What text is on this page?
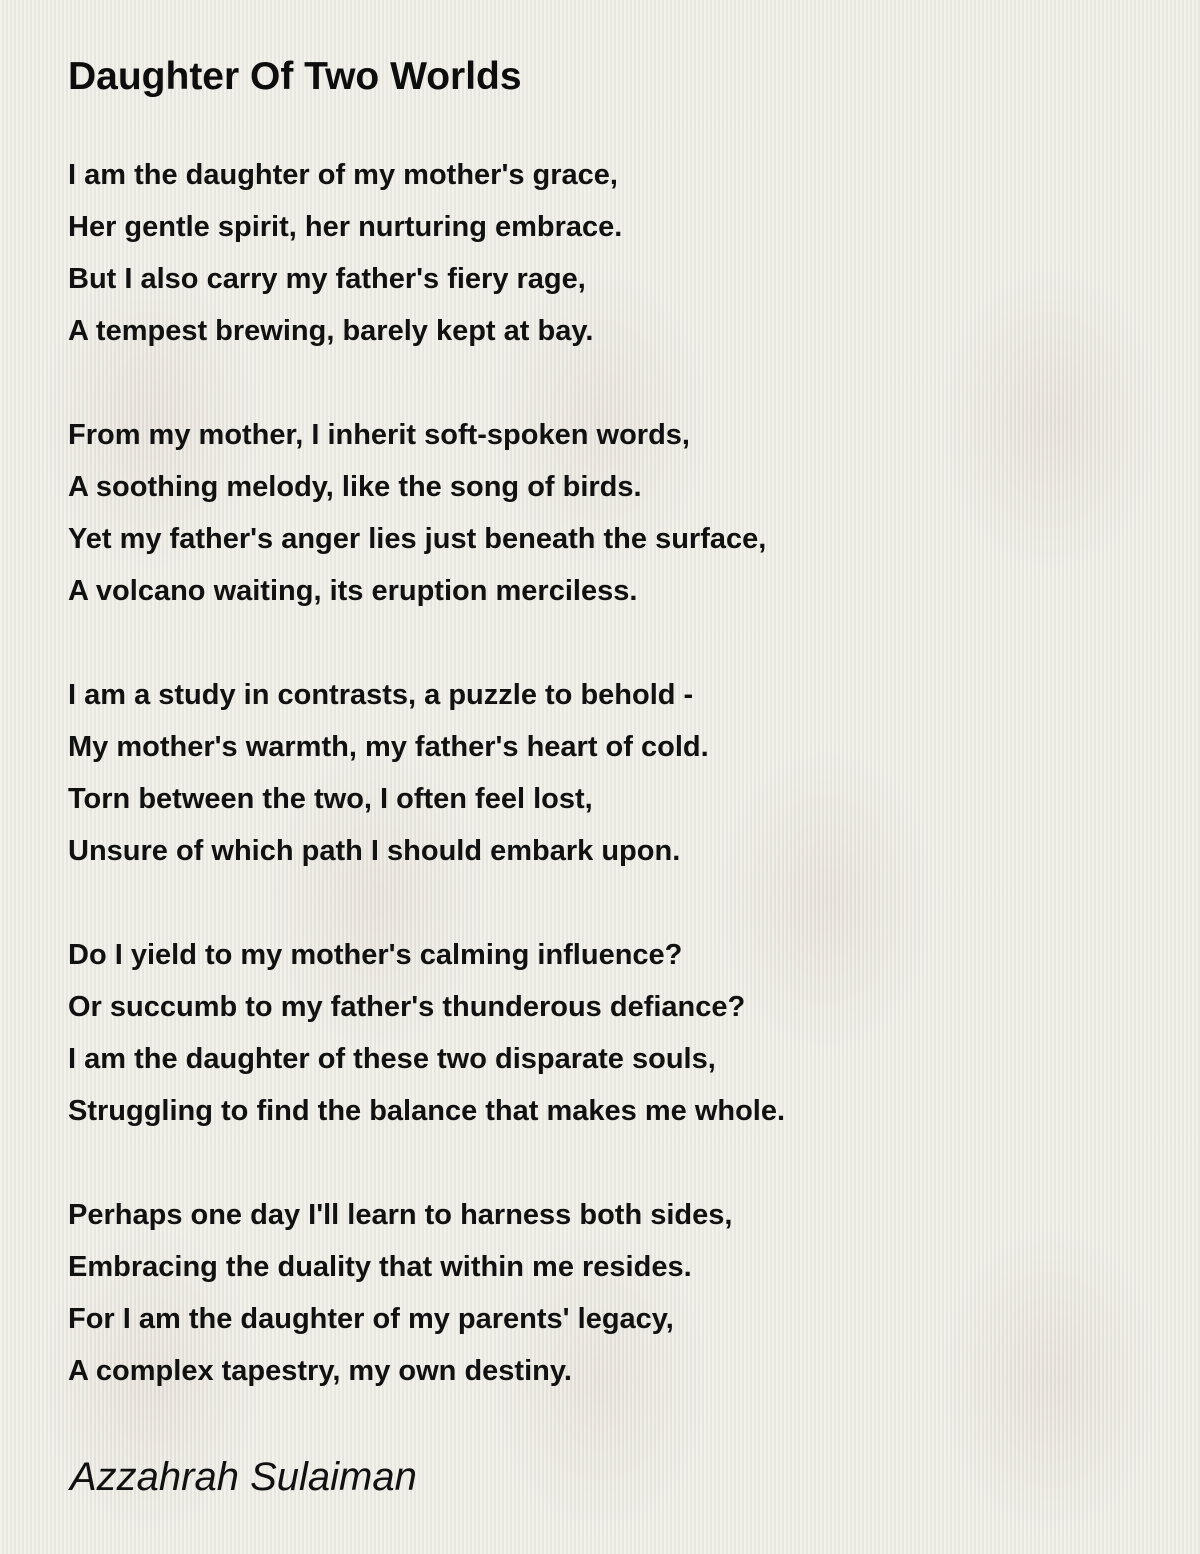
Daughter Of Two Worlds
I am the daughter of my mother's grace,
Her gentle spirit, her nurturing embrace.
But I also carry my father's fiery rage,
A tempest brewing, barely kept at bay.
From my mother, I inherit soft-spoken words,
A soothing melody, like the song of birds.
Yet my father's anger lies just beneath the surface,
A volcano waiting, its eruption merciless.
I am a study in contrasts, a puzzle to behold -
My mother's warmth, my father's heart of cold.
Torn between the two, I often feel lost,
Unsure of which path I should embark upon.
Do I yield to my mother's calming influence?
Or succumb to my father's thunderous defiance?
I am the daughter of these two disparate souls,
Struggling to find the balance that makes me whole.
Perhaps one day I'll learn to harness both sides,
Embracing the duality that within me resides.
For I am the daughter of my parents' legacy,
A complex tapestry, my own destiny.
Azzahrah Sulaiman
